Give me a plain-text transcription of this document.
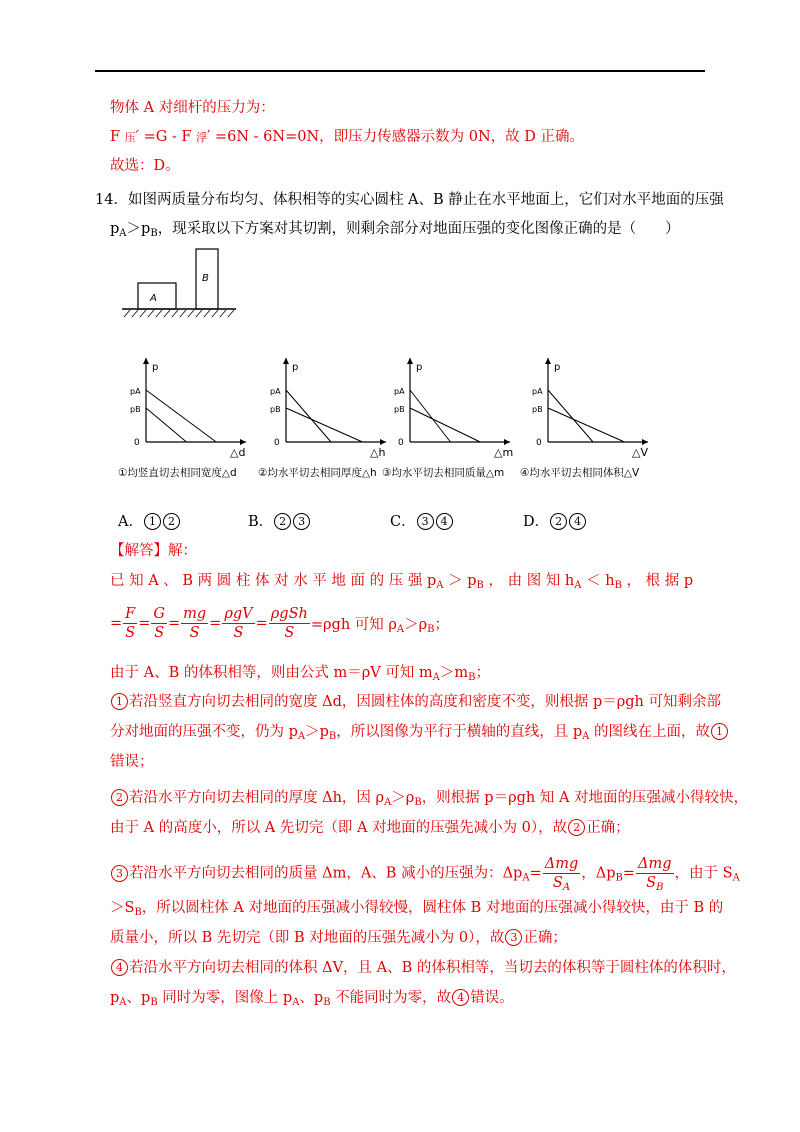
物体 A 对细杆的压力为：
F 压′ =G - F 浮′ =6N - 6N=0N，即压力传感器示数为 0N，故 D 正确。
故选：D。
14．如图两质量分布均匀、体积相等的实心圆柱 A、B 静止在水平地面上，它们对水平地面的压强
$p_A>p_B$，现采取以下方案对其切割，则剩余部分对地面压强的变化图像正确的是（　　）
A
B
p
pA
pB
0
△d
①均竖直切去相同宽度△d
p
pA
pB
0
△h
②均水平切去相同厚度△h
p
pA
pB
0
△m
③均水平切去相同质量△m
p
pA
pB
0
△V
④均水平切去相同体积△V
A． 1 2	B． 2 3	C． 3 4	D． 2 4
【解答】解：
已 知 A 、 B 两 圆 柱 体 对 水 平 地 面 的 压 强 $p_A > p_B$ ， 由 图 知 $h_A < h_B$ ， 根 据 p
= $\frac{F}{S} = \frac{G}{S} = \frac{mg}{S} = \frac{\text{ρgV}}{S} = \frac{\text{ρgSℎ}}{S} =\rho gh$ 可知 $\rho_A>\rho_B$；
由于 A、B 的体积相等，则由公式 m＝ρV 可知 $m_A>m_B$；
1 若沿竖直方向切去相同的宽度 Δd，因圆柱体的高度和密度不变，则根据 p＝ρgh 可知剩余部
分对地面的压强不变，仍为 $p_A>p_B$，所以图像为平行于横轴的直线，且 $p_A$ 的图线在上面，故 1
错误；
2 若沿水平方向切去相同的厚度 Δh，因 $\rho_A>\rho_B$，则根据 p＝ρgh 知 A 对地面的压强减小得较快，
由于 A 的高度小，所以 A 先切完（即 A 对地面的压强先减小为 0），故 2 正确；
3 若沿水平方向切去相同的质量 Δm，A、B 减小的压强为：$\Delta p_A= \frac{\text{Δmg}}{S_A}$ ，$\Delta p_B= \frac{\text{Δmg}}{S_B}$ ，由于 $S_A$
$>S_B$，所以圆柱体 A 对地面的压强减小得较慢，圆柱体 B 对地面的压强减小得较快，由于 B 的
质量小，所以 B 先切完（即 B 对地面的压强先减小为 0），故 3 正确；
4 若沿水平方向切去相同的体积 ΔV，且 A、B 的体积相等，当切去的体积等于圆柱体的体积时，
$p_A$、$p_B$ 同时为零，图像上 $p_A$、$p_B$ 不能同时为零，故 4 错误。
